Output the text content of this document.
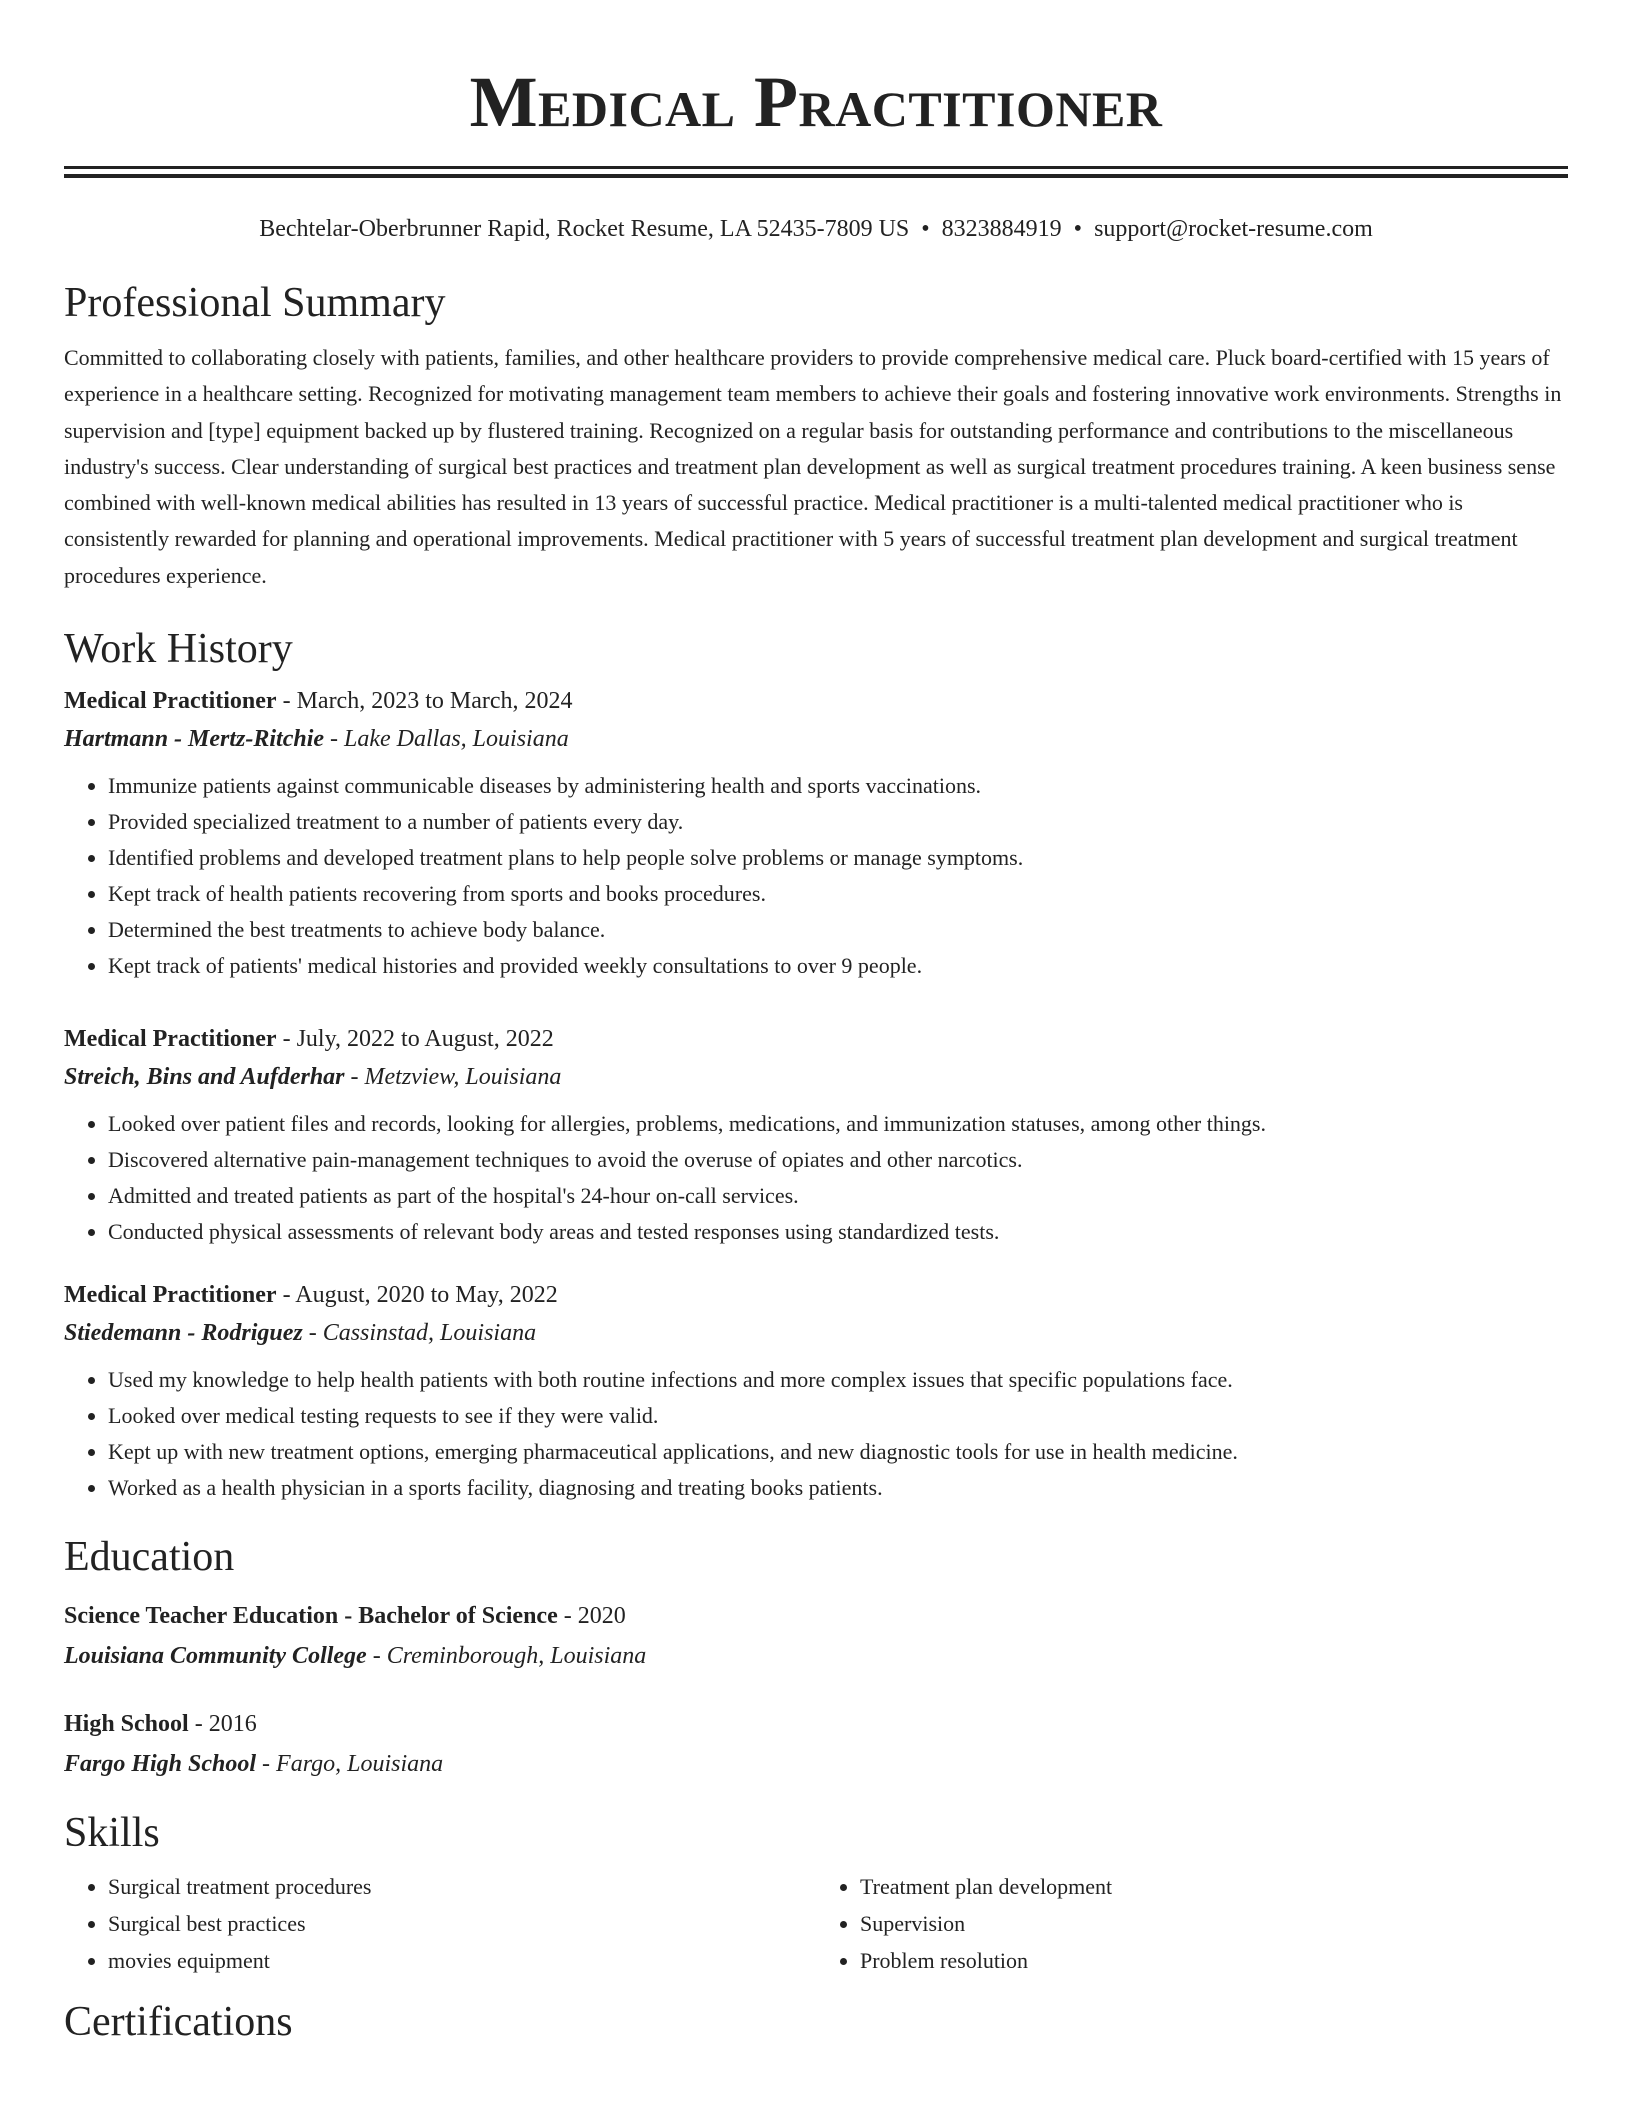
Medical Practitioner
Bechtelar-Oberbrunner Rapid, Rocket Resume, LA 52435-7809 US • 8323884919 • support@rocket-resume.com
Professional Summary

Committed to collaborating closely with patients, families, and other healthcare providers to provide comprehensive medical care. Pluck board-certified with 15 years of experience in a healthcare setting. Recognized for motivating management team members to achieve their goals and fostering innovative work environments. Strengths in supervision and [type] equipment backed up by flustered training. Recognized on a regular basis for outstanding performance and contributions to the miscellaneous industry's success. Clear understanding of surgical best practices and treatment plan development as well as surgical treatment procedures training. A keen business sense combined with well-known medical abilities has resulted in 13 years of successful practice. Medical practitioner is a multi-talented medical practitioner who is consistently rewarded for planning and operational improvements. Medical practitioner with 5 years of successful treatment plan development and surgical treatment procedures experience.

Work History
Medical Practitioner - March, 2023 to March, 2024
Hartmann - Mertz-Ritchie - Lake Dallas, Louisiana
• Immunize patients against communicable diseases by administering health and sports vaccinations.
• Provided specialized treatment to a number of patients every day.
• Identified problems and developed treatment plans to help people solve problems or manage symptoms.
• Kept track of health patients recovering from sports and books procedures.
• Determined the best treatments to achieve body balance.
• Kept track of patients' medical histories and provided weekly consultations to over 9 people.
Medical Practitioner - July, 2022 to August, 2022
Streich, Bins and Aufderhar - Metzview, Louisiana
• Looked over patient files and records, looking for allergies, problems, medications, and immunization statuses, among other things.
• Discovered alternative pain-management techniques to avoid the overuse of opiates and other narcotics.
• Admitted and treated patients as part of the hospital's 24-hour on-call services.
• Conducted physical assessments of relevant body areas and tested responses using standardized tests.
Medical Practitioner - August, 2020 to May, 2022
Stiedemann - Rodriguez - Cassinstad, Louisiana
• Used my knowledge to help health patients with both routine infections and more complex issues that specific populations face.
• Looked over medical testing requests to see if they were valid.
• Kept up with new treatment options, emerging pharmaceutical applications, and new diagnostic tools for use in health medicine.
• Worked as a health physician in a sports facility, diagnosing and treating books patients.
Education
Science Teacher Education - Bachelor of Science - 2020
Louisiana Community College - Creminborough, Louisiana
High School - 2016
Fargo High School - Fargo, Louisiana
Skills
• Surgical treatment procedures
• Surgical best practices
• movies equipment
• Treatment plan development
• Supervision
• Problem resolution
Certifications
